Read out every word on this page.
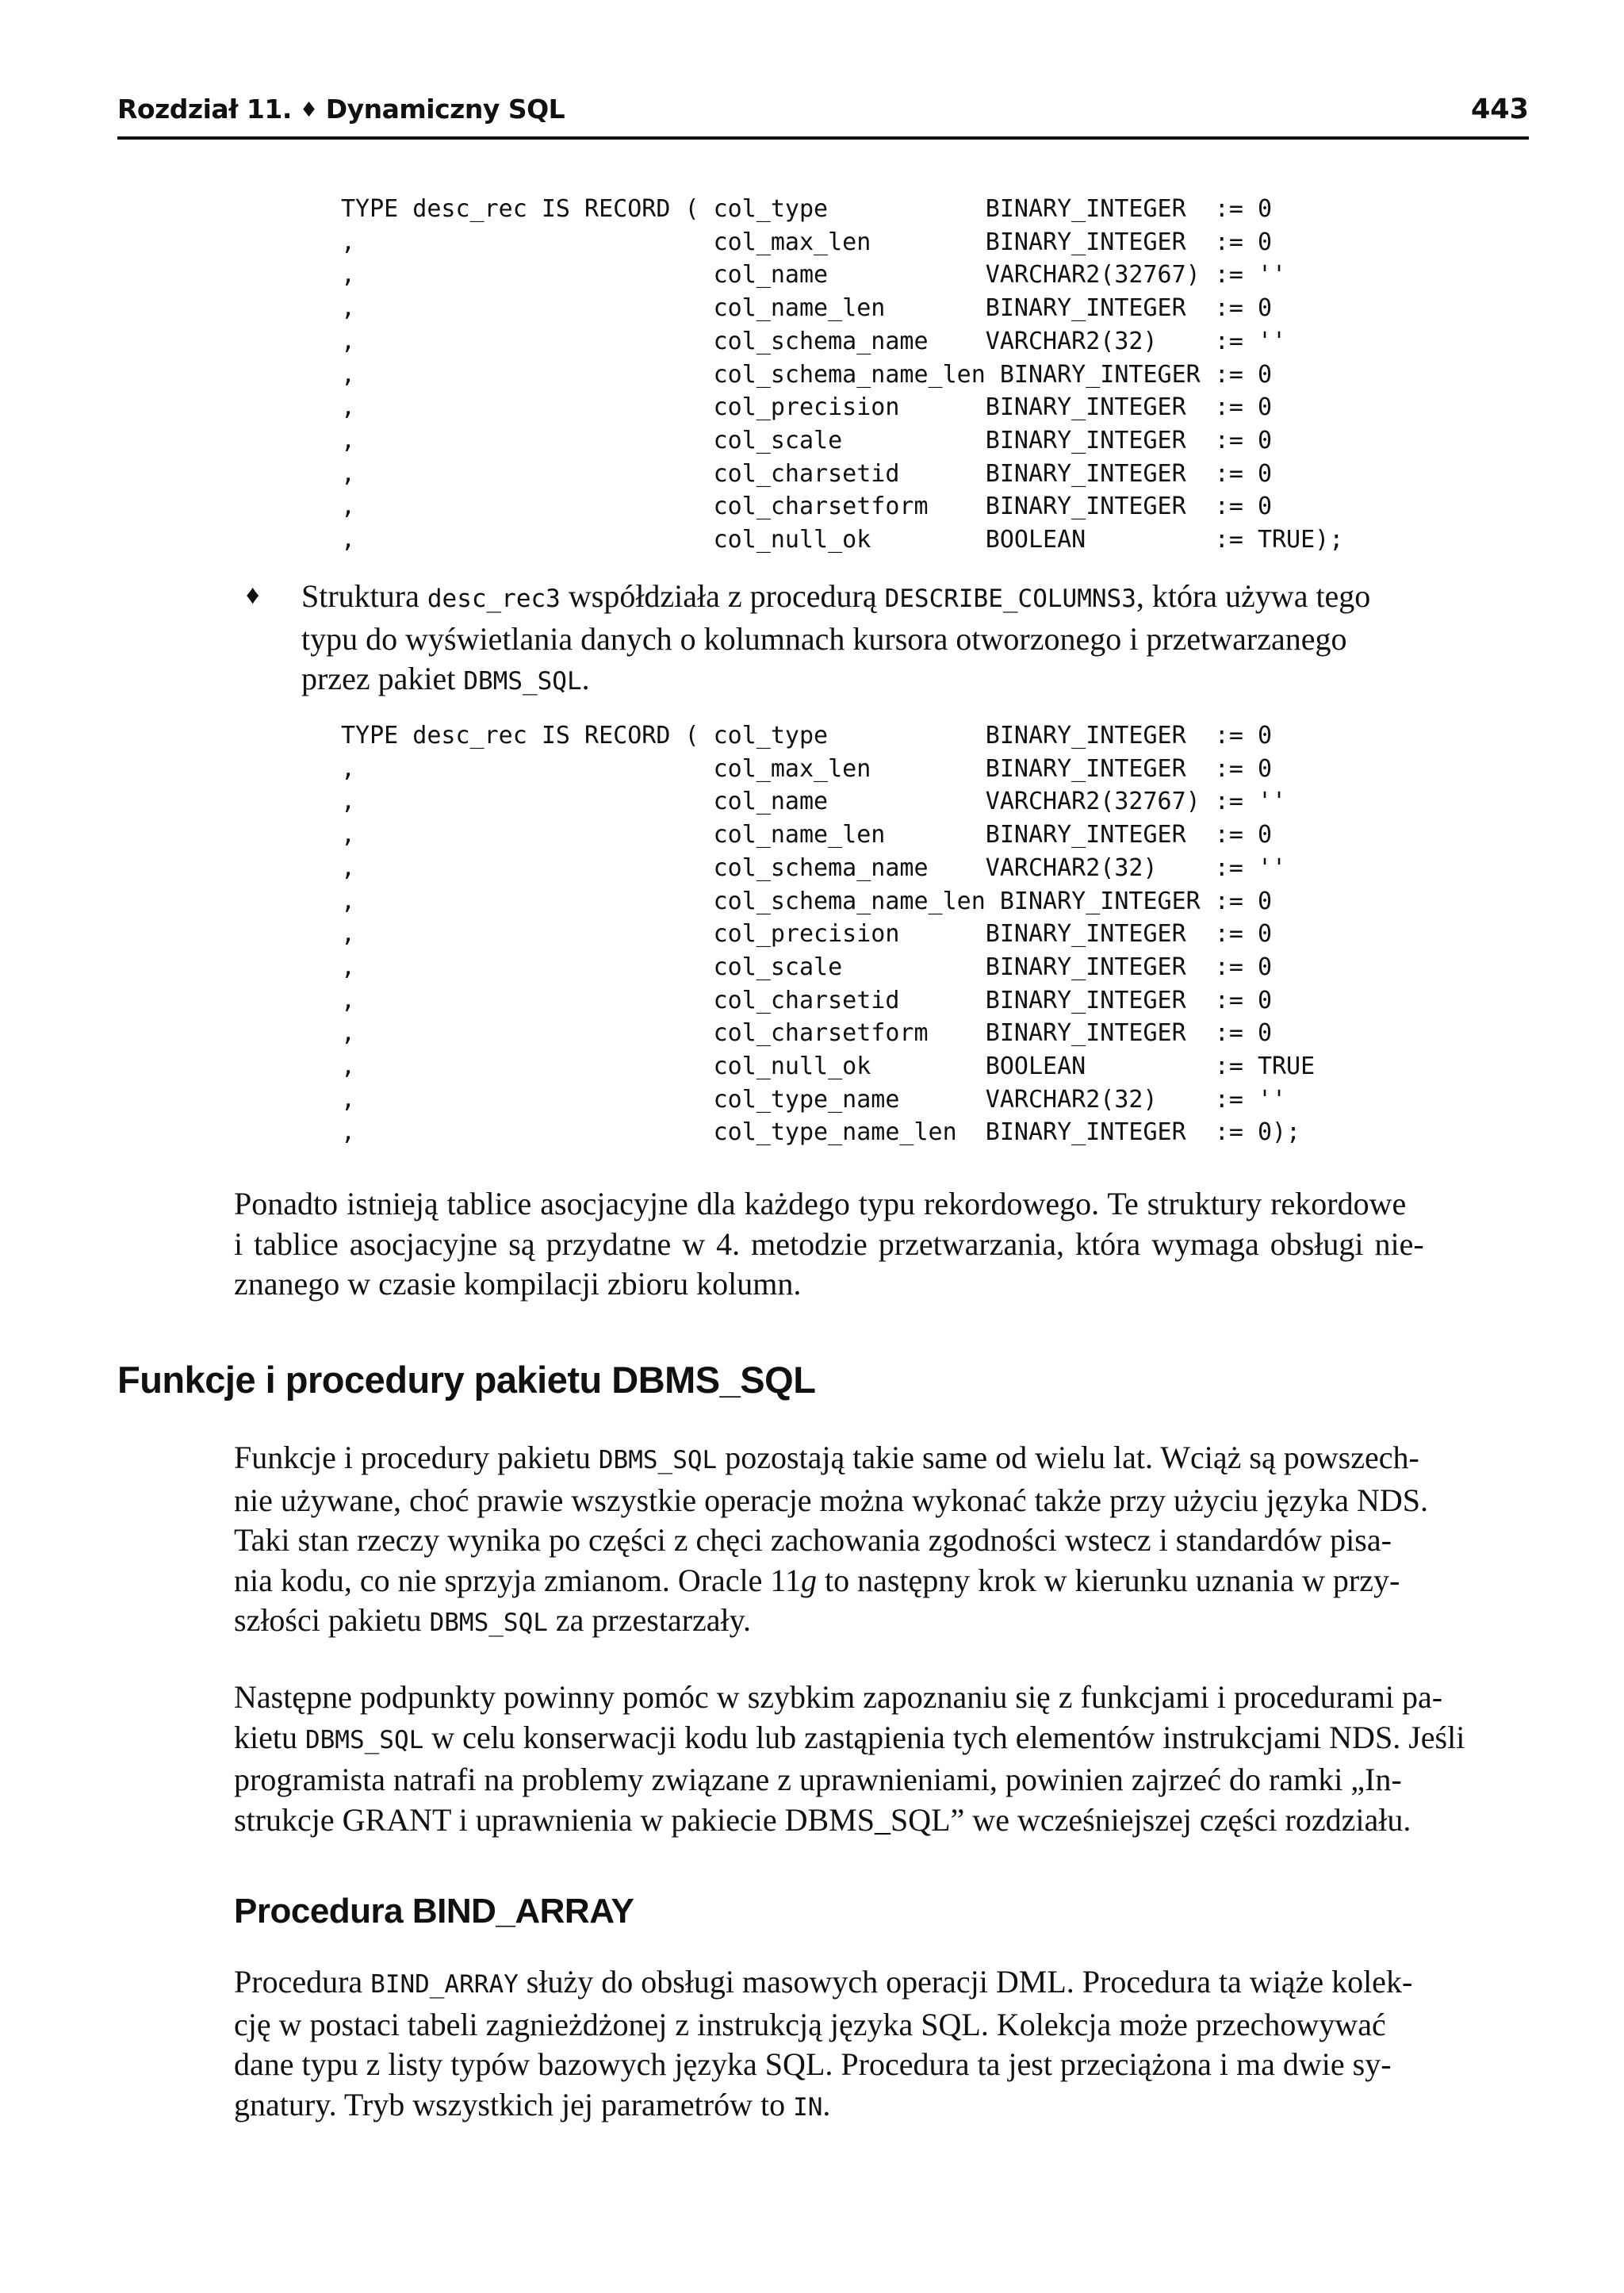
Rozdział 11. ♦ Dynamiczny SQL	443
TYPE desc_rec IS RECORD ( col_type           BINARY_INTEGER  := 0
,                         col_max_len        BINARY_INTEGER  := 0
,                         col_name           VARCHAR2(32767) := ''
,                         col_name_len       BINARY_INTEGER  := 0
,                         col_schema_name    VARCHAR2(32)    := ''
,                         col_schema_name_len BINARY_INTEGER := 0
,                         col_precision      BINARY_INTEGER  := 0
,                         col_scale          BINARY_INTEGER  := 0
,                         col_charsetid      BINARY_INTEGER  := 0
,                         col_charsetform    BINARY_INTEGER  := 0
,                         col_null_ok        BOOLEAN         := TRUE);
♦ Struktura desc_rec3 współdziała z procedurą DESCRIBE_COLUMNS3, która używa tego
typu do wyświetlania danych o kolumnach kursora otworzonego i przetwarzanego
przez pakiet DBMS_SQL.
TYPE desc_rec IS RECORD ( col_type           BINARY_INTEGER  := 0
,                         col_max_len        BINARY_INTEGER  := 0
,                         col_name           VARCHAR2(32767) := ''
,                         col_name_len       BINARY_INTEGER  := 0
,                         col_schema_name    VARCHAR2(32)    := ''
,                         col_schema_name_len BINARY_INTEGER := 0
,                         col_precision      BINARY_INTEGER  := 0
,                         col_scale          BINARY_INTEGER  := 0
,                         col_charsetid      BINARY_INTEGER  := 0
,                         col_charsetform    BINARY_INTEGER  := 0
,                         col_null_ok        BOOLEAN         := TRUE
,                         col_type_name      VARCHAR2(32)    := ''
,                         col_type_name_len  BINARY_INTEGER  := 0);
Ponadto istnieją tablice asocjacyjne dla każdego typu rekordowego. Te struktury rekordowe
i tablice asocjacyjne są przydatne w 4. metodzie przetwarzania, która wymaga obsługi nie-
znanego w czasie kompilacji zbioru kolumn.
Funkcje i procedury pakietu DBMS_SQL
Funkcje i procedury pakietu DBMS_SQL pozostają takie same od wielu lat. Wciąż są powszech-
nie używane, choć prawie wszystkie operacje można wykonać także przy użyciu języka NDS.
Taki stan rzeczy wynika po części z chęci zachowania zgodności wstecz i standardów pisa-
nia kodu, co nie sprzyja zmianom. Oracle 11g to następny krok w kierunku uznania w przy-
szłości pakietu DBMS_SQL za przestarzały.
Następne podpunkty powinny pomóc w szybkim zapoznaniu się z funkcjami i procedurami pa-
kietu DBMS_SQL w celu konserwacji kodu lub zastąpienia tych elementów instrukcjami NDS. Jeśli
programista natrafi na problemy związane z uprawnieniami, powinien zajrzeć do ramki „In-
strukcje GRANT i uprawnienia w pakiecie DBMS_SQL” we wcześniejszej części rozdziału.
Procedura BIND_ARRAY
Procedura BIND_ARRAY służy do obsługi masowych operacji DML. Procedura ta wiąże kolek-
cję w postaci tabeli zagnieżdżonej z instrukcją języka SQL. Kolekcja może przechowywać
dane typu z listy typów bazowych języka SQL. Procedura ta jest przeciążona i ma dwie sy-
gnatury. Tryb wszystkich jej parametrów to IN.
